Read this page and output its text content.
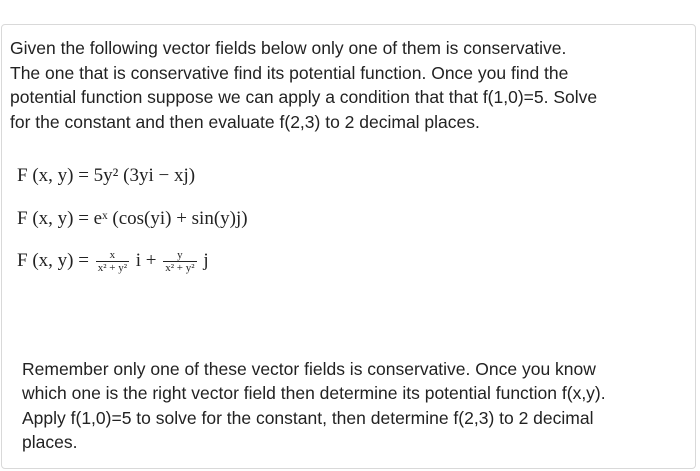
Given the following vector fields below only one of them is conservative.
The one that is conservative find its potential function. Once you find the
potential function suppose we can apply a condition that that f(1,0)=5. Solve
for the constant and then evaluate f(2,3) to 2 decimal places.

F (x, y) = 5y² (3yi − xj)
F (x, y) = eˣ (cos(yi) + sin(y)j)
F (x, $y) = \frac{x}{\text{x² + y²}}$ $i + \frac{y}{\text{x² + y²}}$ j

Remember only one of these vector fields is conservative. Once you know
which one is the right vector field then determine its potential function f(x,y).
Apply f(1,0)=5 to solve for the constant, then determine f(2,3) to 2 decimal
places.
